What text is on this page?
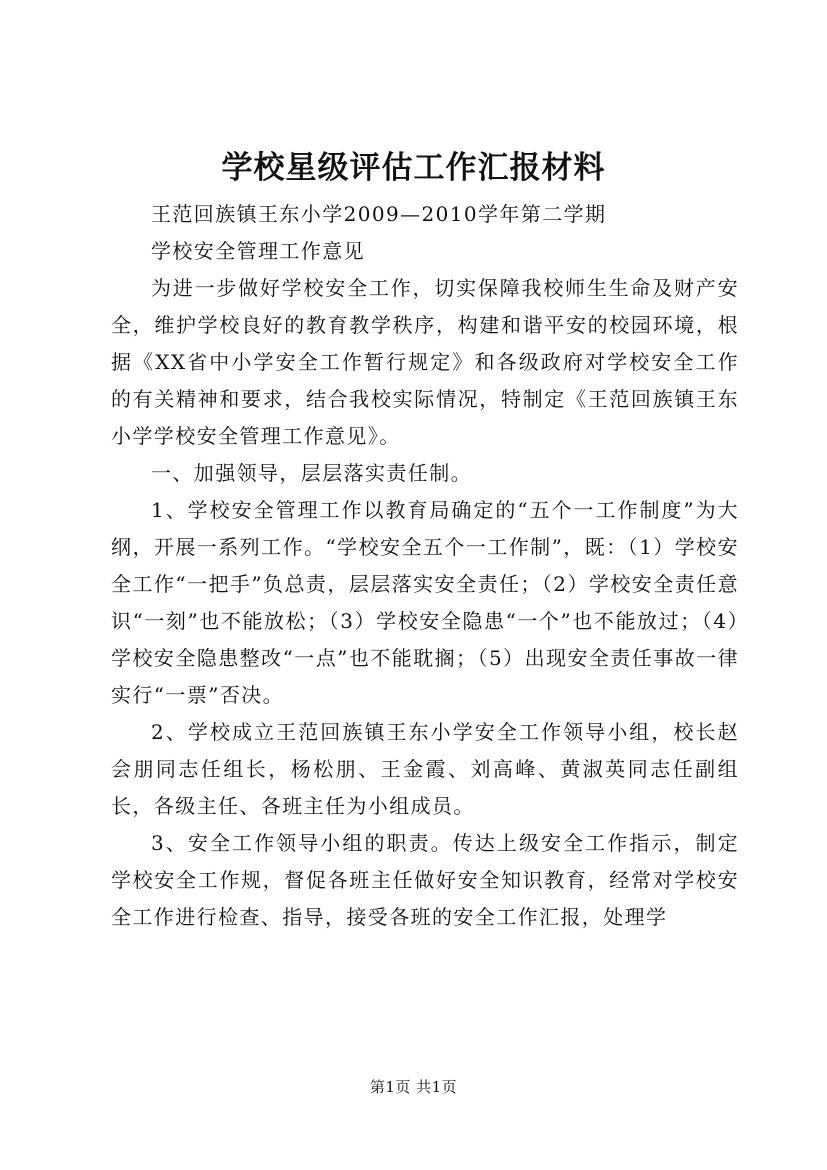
学校星级评估工作汇报材料

王范回族镇王东小学2009—2010学年第二学期

学校安全管理工作意见

为进一步做好学校安全工作，切实保障我校师生生命及财产安全，维护学校良好的教育教学秩序，构建和谐平安的校园环境，根据《XX省中小学安全工作暂行规定》和各级政府对学校安全工作的有关精神和要求，结合我校实际情况，特制定《王范回族镇王东小学学校安全管理工作意见》。

一、加强领导，层层落实责任制。

1、学校安全管理工作以教育局确定的“五个一工作制度”为大纲，开展一系列工作。“学校安全五个一工作制”，既：（1）学校安全工作“一把手”负总责，层层落实安全责任；（2）学校安全责任意识“一刻”也不能放松；（3）学校安全隐患“一个”也不能放过；（4）学校安全隐患整改“一点”也不能耽搁；（5）出现安全责任事故一律实行“一票”否决。

2、学校成立王范回族镇王东小学安全工作领导小组，校长赵会朋同志任组长，杨松朋、王金霞、刘高峰、黄淑英同志任副组长，各级主任、各班主任为小组成员。

3、安全工作领导小组的职责。传达上级安全工作指示，制定学校安全工作规，督促各班主任做好安全知识教育，经常对学校安全工作进行检查、指导，接受各班的安全工作汇报，处理学

第1页 共1页
